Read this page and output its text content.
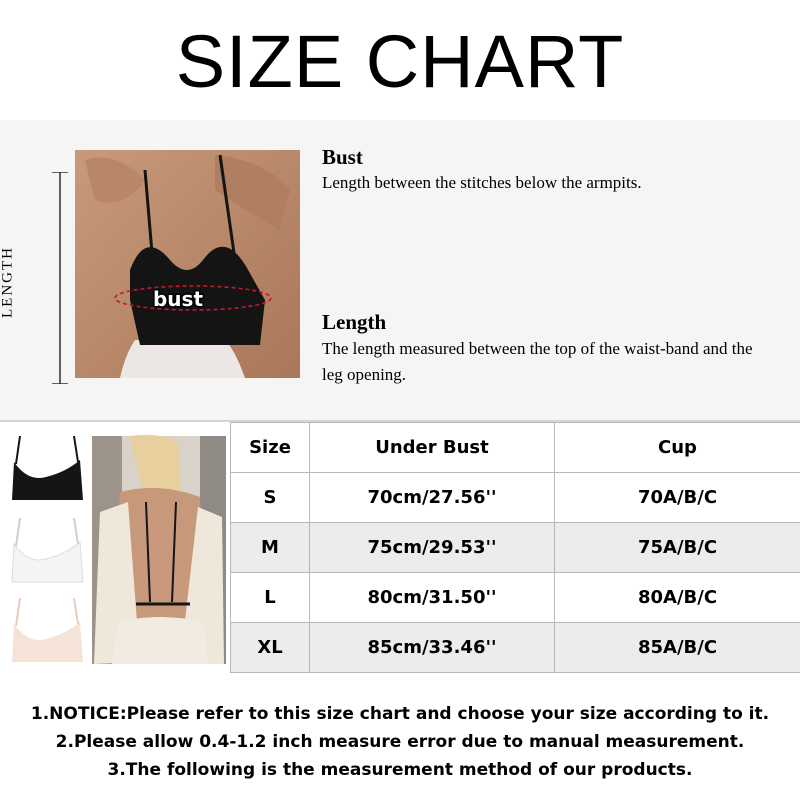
SIZE CHART
LENGTH	bust
Bust
Length between the stitches below the armpits.
Length
The length measured between the top of the waist-band and the leg opening.
Size	Under Bust	Cup
S	70cm/27.56''	70A/B/C
M	75cm/29.53''	75A/B/C
L	80cm/31.50''	80A/B/C
XL	85cm/33.46''	85A/B/C
1.NOTICE:Please refer to this size chart and choose your size according to it.
2.Please allow 0.4-1.2 inch measure error due to manual measurement.
3.The following is the measurement method of our products.
